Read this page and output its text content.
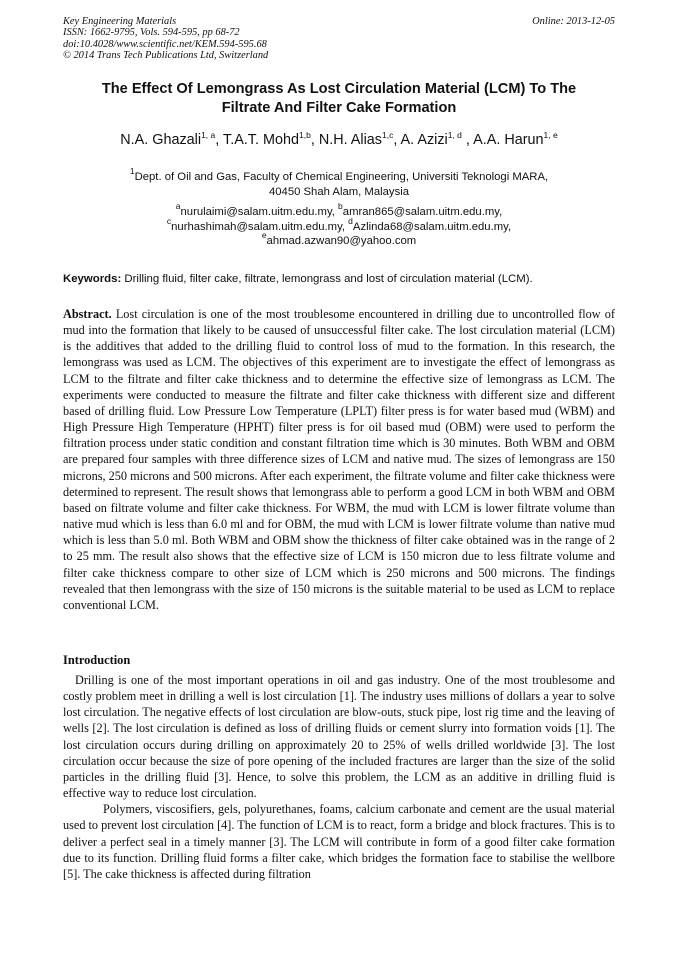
Key Engineering Materials
ISSN: 1662-9795, Vols. 594-595, pp 68-72
doi:10.4028/www.scientific.net/KEM.594-595.68
© 2014 Trans Tech Publications Ltd, Switzerland
Online: 2013-12-05
The Effect Of Lemongrass As Lost Circulation Material (LCM) To The
Filtrate And Filter Cake Formation
N.A. Ghazali$^{1, a}$, T.A.T. Mohd$^{1,b}$, N.H. Alias$^{1,c}$, A. Azizi$^{1, d}$ , A.A. Harun$^{1, e}$
$^1$Dept. of Oil and Gas, Faculty of Chemical Engineering, Universiti Teknologi MARA,
40450 Shah Alam, Malaysia
$^a$nurulaimi@salam.uitm.edu.my, $^b$amran865@salam.uitm.edu.my,
$^c$nurhashimah@salam.uitm.edu.my, $^d$Azlinda68@salam.uitm.edu.my,
$^e$ahmad.azwan90@yahoo.com
Keywords: Drilling fluid, filter cake, filtrate, lemongrass and lost of circulation material (LCM).
Abstract. Lost circulation is one of the most troublesome encountered in drilling due to uncontrolled flow of mud into the formation that likely to be caused of unsuccessful filter cake. The lost circulation material (LCM) is the additives that added to the drilling fluid to control loss of mud to the formation. In this research, the lemongrass was used as LCM. The objectives of this experiment are to investigate the effect of lemongrass as LCM to the filtrate and filter cake thickness and to determine the effective size of lemongrass as LCM. The experiments were conducted to measure the filtrate and filter cake thickness with different size and different based of drilling fluid. Low Pressure Low Temperature (LPLT) filter press is for water based mud (WBM) and High Pressure High Temperature (HPHT) filter press is for oil based mud (OBM) were used to perform the filtration process under static condition and constant filtration time which is 30 minutes. Both WBM and OBM are prepared four samples with three difference sizes of LCM and native mud. The sizes of lemongrass are 150 microns, 250 microns and 500 microns. After each experiment, the filtrate volume and filter cake thickness were determined to represent. The result shows that lemongrass able to perform a good LCM in both WBM and OBM based on filtrate volume and filter cake thickness. For WBM, the mud with LCM is lower filtrate volume than native mud which is less than 6.0 ml and for OBM, the mud with LCM is lower filtrate volume than native mud which is less than 5.0 ml. Both WBM and OBM show the thickness of filter cake obtained was in the range of 2 to 25 mm. The result also shows that the effective size of LCM is 150 micron due to less filtrate volume and filter cake thickness compare to other size of LCM which is 250 microns and 500 microns. The findings revealed that then lemongrass with the size of 150 microns is the suitable material to be used as LCM to replace conventional LCM.
Introduction

Drilling is one of the most important operations in oil and gas industry. One of the most troublesome and costly problem meet in drilling a well is lost circulation [1]. The industry uses millions of dollars a year to solve lost circulation. The negative effects of lost circulation are blow-outs, stuck pipe, lost rig time and the leaving of wells [2]. The lost circulation is defined as loss of drilling fluids or cement slurry into formation voids [1]. The lost circulation occurs during drilling on approximately 20 to 25% of wells drilled worldwide [3]. The lost circulation occur because the size of pore opening of the included fractures are larger than the size of the solid particles in the drilling fluid [3]. Hence, to solve this problem, the LCM as an additive in drilling fluid is effective way to reduce lost circulation.

Polymers, viscosifiers, gels, polyurethanes, foams, calcium carbonate and cement are the usual material used to prevent lost circulation [4]. The function of LCM is to react, form a bridge and block fractures. This is to deliver a perfect seal in a timely manner [3]. The LCM will contribute in form of a good filter cake formation due to its function. Drilling fluid forms a filter cake, which bridges the formation face to stabilise the wellbore [5]. The cake thickness is affected during filtration
